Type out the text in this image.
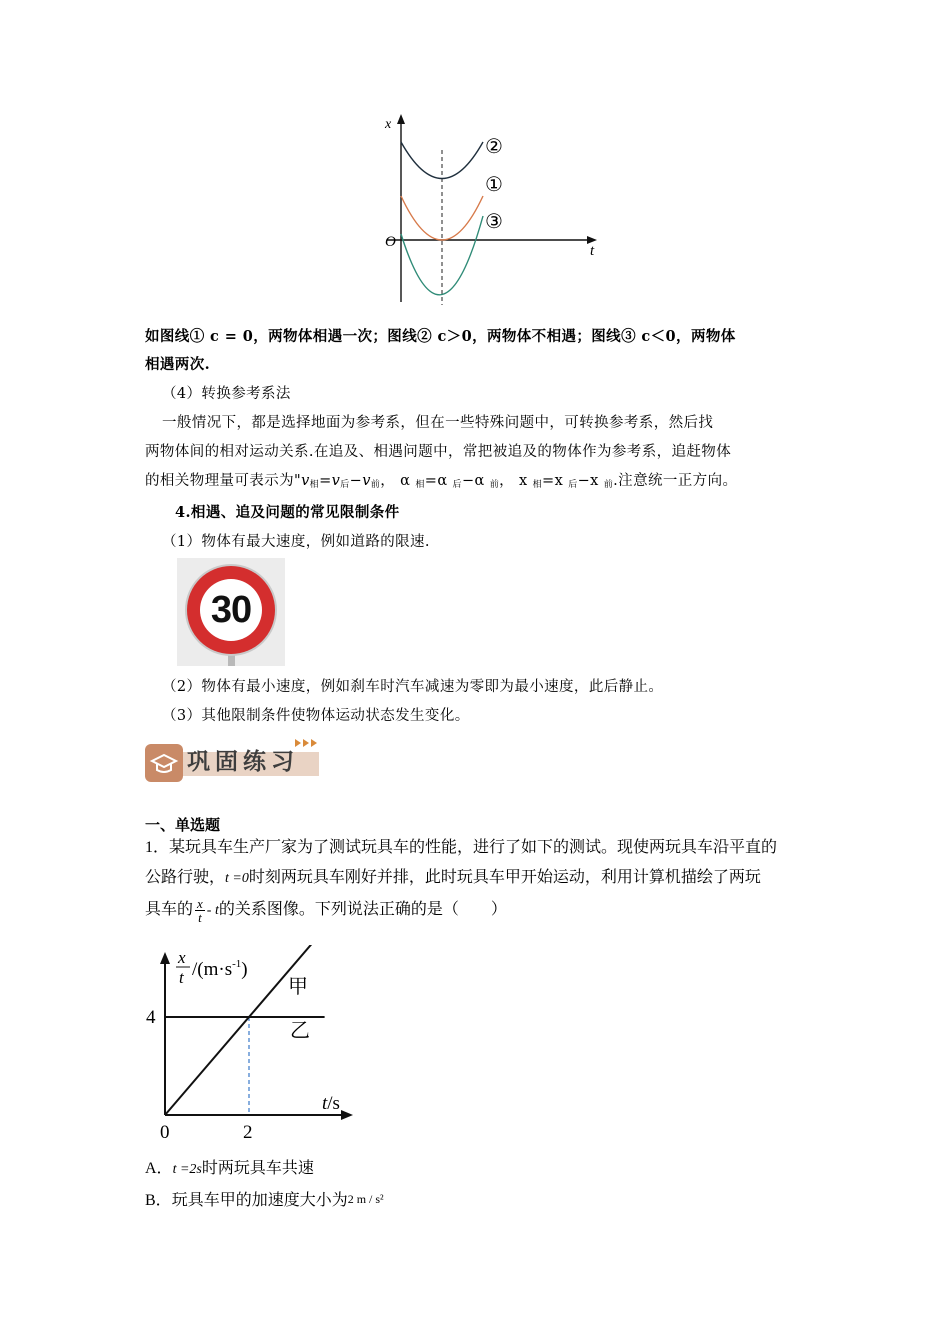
x
t
O
②
①
③
如图线① c = 0，两物体相遇一次；图线② c＞0，两物体不相遇；图线③ c＜0，两物体
相遇两次.
（4）转换参考系法
一般情况下，都是选择地面为参考系，但在一些特殊问题中，可转换参考系，然后找
两物体间的相对运动关系.在追及、相遇问题中，常把被追及的物体作为参考系，追赶物体
的相关物理量可表示为"$v_相=v_后-v_前$， α $_相$=α $_后$−α $_前$， x $_相$=x $_后$−x $_前$.注意统一正方向。
4.相遇、追及问题的常见限制条件
（1）物体有最大速度，例如道路的限速.
30
（2）物体有最小速度，例如刹车时汽车减速为零即为最小速度，此后静止。
（3）其他限制条件使物体运动状态发生变化。
巩固练习
一、单选题
1．某玩具车生产厂家为了测试玩具车的性能，进行了如下的测试。现使两玩具车沿平直的
公路行驶，t =0时刻两玩具车刚好并排，此时玩具车甲开始运动，利用计算机描绘了两玩
具车的 $\frac{x}{t}$ - t的关系图像。下列说法正确的是（　　）
x
t $/(m\cdot s^{-1})$
t/s
4
2
0
甲
乙
A．t =2s时两玩具车共速
B．玩具车甲的加速度大小为2 m / s²
